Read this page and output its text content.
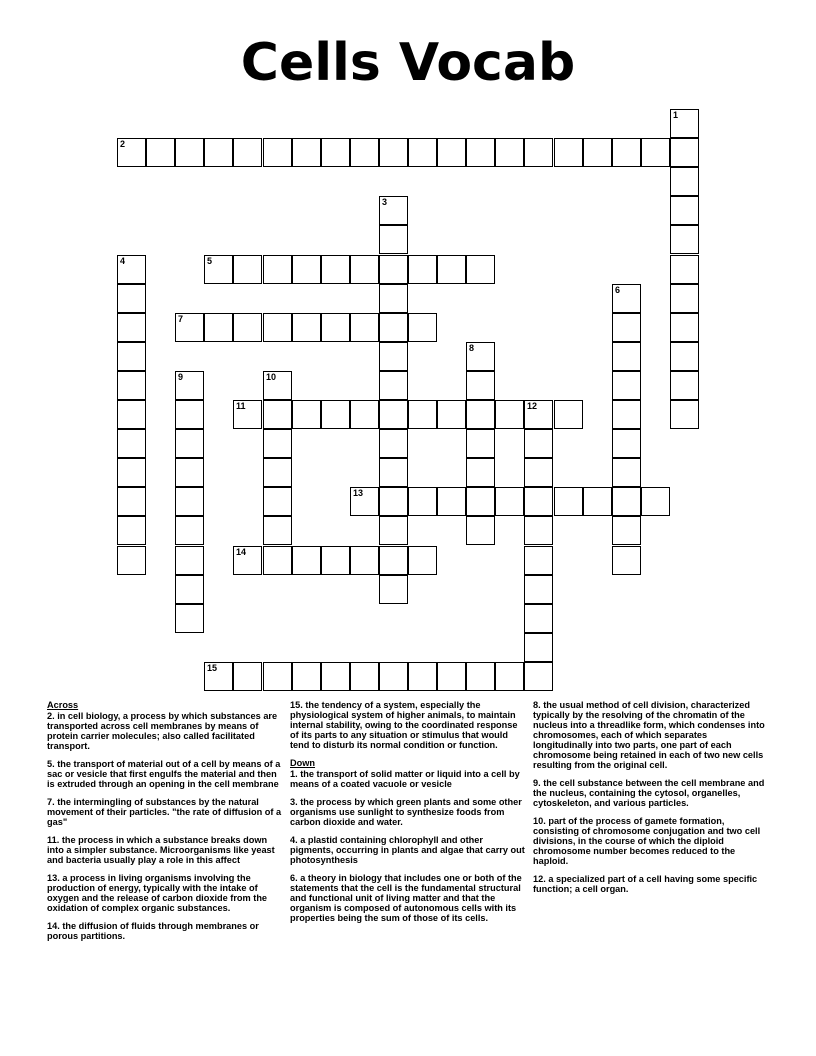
Cells Vocab
1
2
3
4	5
6
7
8
9	10
11	12
13
14
15
Across
2. in cell biology, a process by which substances are transported across cell membranes by means of protein carrier molecules; also called facilitated transport.
5. the transport of material out of a cell by means of a sac or vesicle that first engulfs the material and then is extruded through an opening in the cell membrane
7. the intermingling of substances by the natural movement of their particles. "the rate of diffusion of a gas"
11. the process in which a substance breaks down into a simpler substance. Microorganisms like yeast and bacteria usually play a role in this affect
13. a process in living organisms involving the production of energy, typically with the intake of oxygen and the release of carbon dioxide from the oxidation of complex organic substances.
14. the diffusion of fluids through membranes or porous partitions.
15. the tendency of a system, especially the physiological system of higher animals, to maintain internal stability, owing to the coordinated response of its parts to any situation or stimulus that would tend to disturb its normal condition or function.
Down
1. the transport of solid matter or liquid into a cell by means of a coated vacuole or vesicle
3. the process by which green plants and some other organisms use sunlight to synthesize foods from carbon dioxide and water.
4. a plastid containing chlorophyll and other pigments, occurring in plants and algae that carry out photosynthesis
6. a theory in biology that includes one or both of the statements that the cell is the fundamental structural and functional unit of living matter and that the organism is composed of autonomous cells with its properties being the sum of those of its cells.
8. the usual method of cell division, characterized typically by the resolving of the chromatin of the nucleus into a threadlike form, which condenses into chromosomes, each of which separates longitudinally into two parts, one part of each chromosome being retained in each of two new cells resulting from the original cell.
9. the cell substance between the cell membrane and the nucleus, containing the cytosol, organelles, cytoskeleton, and various particles.
10. part of the process of gamete formation, consisting of chromosome conjugation and two cell divisions, in the course of which the diploid chromosome number becomes reduced to the haploid.
12. a specialized part of a cell having some specific function; a cell organ.
